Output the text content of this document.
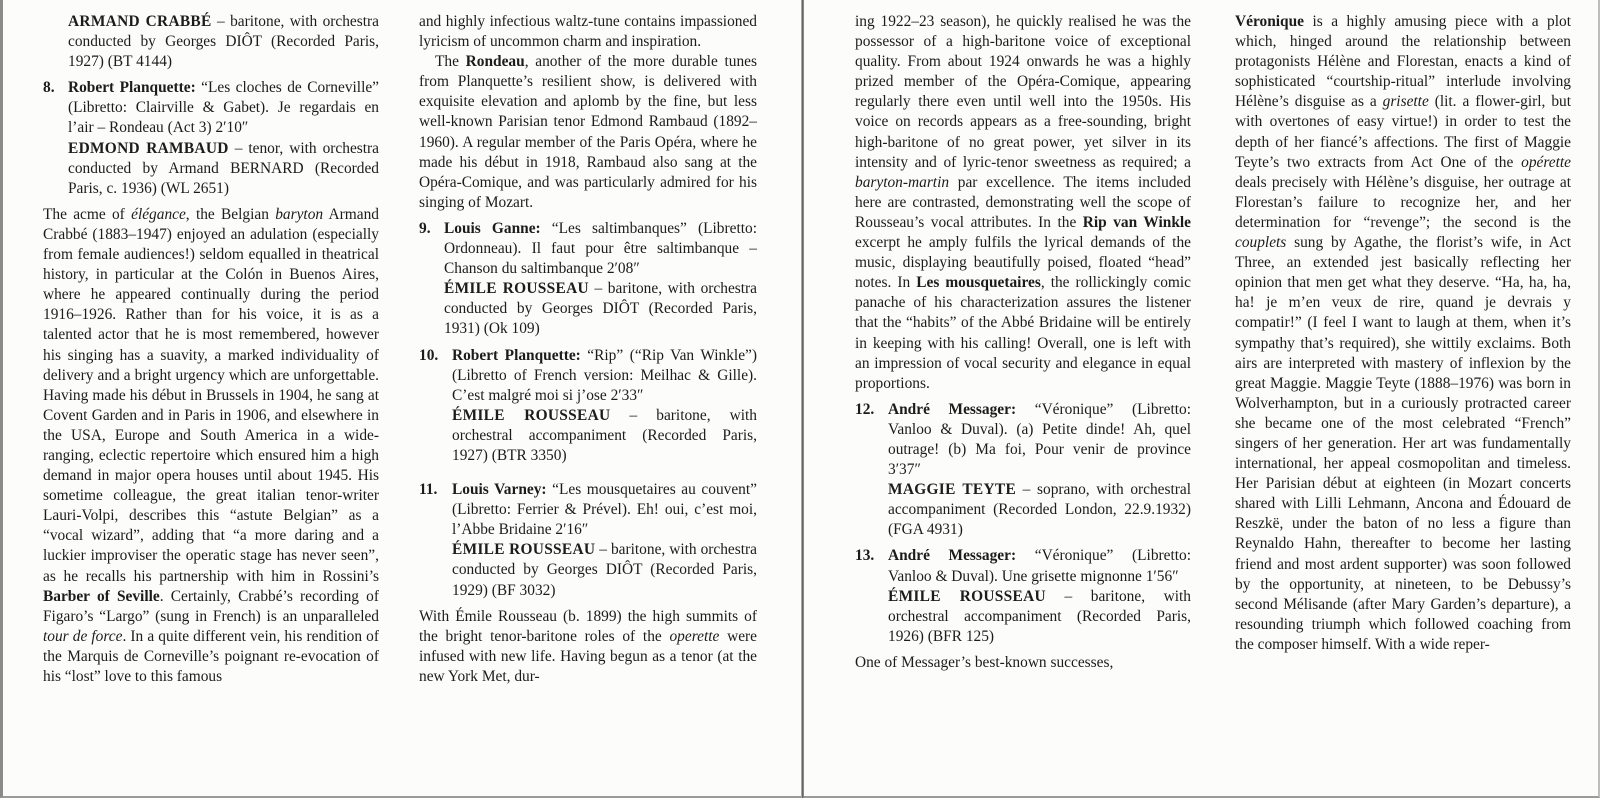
ARMAND CRABBÉ – baritone, with orchestra conducted by Georges DIÔT (Recorded Paris, 1927) (BT 4144)

8. Robert Planquette: “Les cloches de Corneville” (Libretto: Clairville & Gabet). Je regardais en l’air – Rondeau (Act 3) 2′10″

EDMOND RAMBAUD – tenor, with orchestra conducted by Armand BERNARD (Recorded Paris, c. 1936) (WL 2651)

The acme of élégance, the Belgian baryton Armand Crabbé (1883–1947) enjoyed an adulation (especially from female audiences!) seldom equalled in theatrical history, in particular at the Colón in Buenos Aires, where he appeared continually during the period 1916–1926. Rather than for his voice, it is as a talented actor that he is most remembered, however his singing has a suavity, a marked individuality of delivery and a bright urgency which are unforgettable. Having made his début in Brussels in 1904, he sang at Covent Garden and in Paris in 1906, and elsewhere in the USA, Europe and South America in a wide-ranging, eclectic repertoire which ensured him a high demand in major opera houses until about 1945. His sometime colleague, the great italian tenor-writer Lauri-Volpi, describes this “astute Belgian” as a “vocal wizard”, adding that “a more daring and a luckier improviser the operatic stage has never seen”, as he recalls his partnership with him in Rossini’s Barber of Seville. Certainly, Crabbé’s recording of Figaro’s “Largo” (sung in French) is an unparalleled tour de force. In a quite different vein, his rendition of the Marquis de Corneville’s poignant re-evocation of his “lost” love to this famous

and highly infectious waltz-tune contains impassioned lyricism of uncommon charm and inspiration.

The Rondeau, another of the more durable tunes from Planquette’s resilient show, is delivered with exquisite elevation and aplomb by the fine, but less well-known Parisian tenor Edmond Rambaud (1892–1960). A regular member of the Paris Opéra, where he made his début in 1918, Rambaud also sang at the Opéra-Comique, and was particularly admired for his singing of Mozart.

9. Louis Ganne: “Les saltimbanques” (Libretto: Ordonneau). Il faut pour être saltimbanque – Chanson du saltimbanque 2′08″

ÉMILE ROUSSEAU – baritone, with orchestra conducted by Georges DIÔT (Recorded Paris, 1931) (Ok 109)

10. Robert Planquette: “Rip” (“Rip Van Winkle”) (Libretto of French version: Meilhac & Gille). C’est malgré moi si j’ose 2′33″

ÉMILE ROUSSEAU – baritone, with orchestral accompaniment (Recorded Paris, 1927) (BTR 3350)

11. Louis Varney: “Les mousquetaires au couvent” (Libretto: Ferrier & Prével). Eh! oui, c’est moi, l’Abbe Bridaine 2′16″

ÉMILE ROUSSEAU – baritone, with orchestra conducted by Georges DIÔT (Recorded Paris, 1929) (BF 3032)

With Émile Rousseau (b. 1899) the high summits of the bright tenor-baritone roles of the operette were infused with new life. Having begun as a tenor (at the new York Met, dur-

ing 1922–23 season), he quickly realised he was the possessor of a high-baritone voice of exceptional quality. From about 1924 onwards he was a highly prized member of the Opéra-Comique, appearing regularly there even until well into the 1950s. His voice on records appears as a free-sounding, bright high-baritone of no great power, yet silver in its intensity and of lyric-tenor sweetness as required; a baryton-martin par excellence. The items included here are contrasted, demonstrating well the scope of Rousseau’s vocal attributes. In the Rip van Winkle excerpt he amply fulfils the lyrical demands of the music, displaying beautifully poised, floated “head” notes. In Les mousquetaires, the rollickingly comic panache of his characterization assures the listener that the “habits” of the Abbé Bridaine will be entirely in keeping with his calling! Overall, one is left with an impression of vocal security and elegance in equal proportions.

12. André Messager: “Véronique” (Libretto: Vanloo & Duval). (a) Petite dinde! Ah, quel outrage! (b) Ma foi, Pour venir de province 3′37″

MAGGIE TEYTE – soprano, with orchestral accompaniment (Recorded London, 22.9.1932) (FGA 4931)

13. André Messager: “Véronique” (Libretto: Vanloo & Duval). Une grisette mignonne 1′56″

ÉMILE ROUSSEAU – baritone, with orchestral accompaniment (Recorded Paris, 1926) (BFR 125)

One of Messager’s best-known successes,

Véronique is a highly amusing piece with a plot which, hinged around the relationship between protagonists Hélène and Florestan, enacts a kind of sophisticated “courtship-ritual” interlude involving Hélène’s disguise as a grisette (lit. a flower-girl, but with overtones of easy virtue!) in order to test the depth of her fiancé’s affections. The first of Maggie Teyte’s two extracts from Act One of the opérette deals precisely with Hélène’s disguise, her outrage at Florestan’s failure to recognize her, and her determination for “revenge”; the second is the couplets sung by Agathe, the florist’s wife, in Act Three, an extended jest basically reflecting her opinion that men get what they deserve. “Ha, ha, ha, ha! je m’en veux de rire, quand je devrais y compatir!” (I feel I want to laugh at them, when it’s sympathy that’s required), she wittily exclaims. Both airs are interpreted with mastery of inflexion by the great Maggie. Maggie Teyte (1888–1976) was born in Wolverhampton, but in a curiously protracted career she became one of the most celebrated “French” singers of her generation. Her art was fundamentally international, her appeal cosmopolitan and timeless. Her Parisian début at eighteen (in Mozart concerts shared with Lilli Lehmann, Ancona and Édouard de Reszkë, under the baton of no less a figure than Reynaldo Hahn, thereafter to become her lasting friend and most ardent supporter) was soon followed by the opportunity, at nineteen, to be Debussy’s second Mélisande (after Mary Garden’s departure), a resounding triumph which followed coaching from the composer himself. With a wide reper-
